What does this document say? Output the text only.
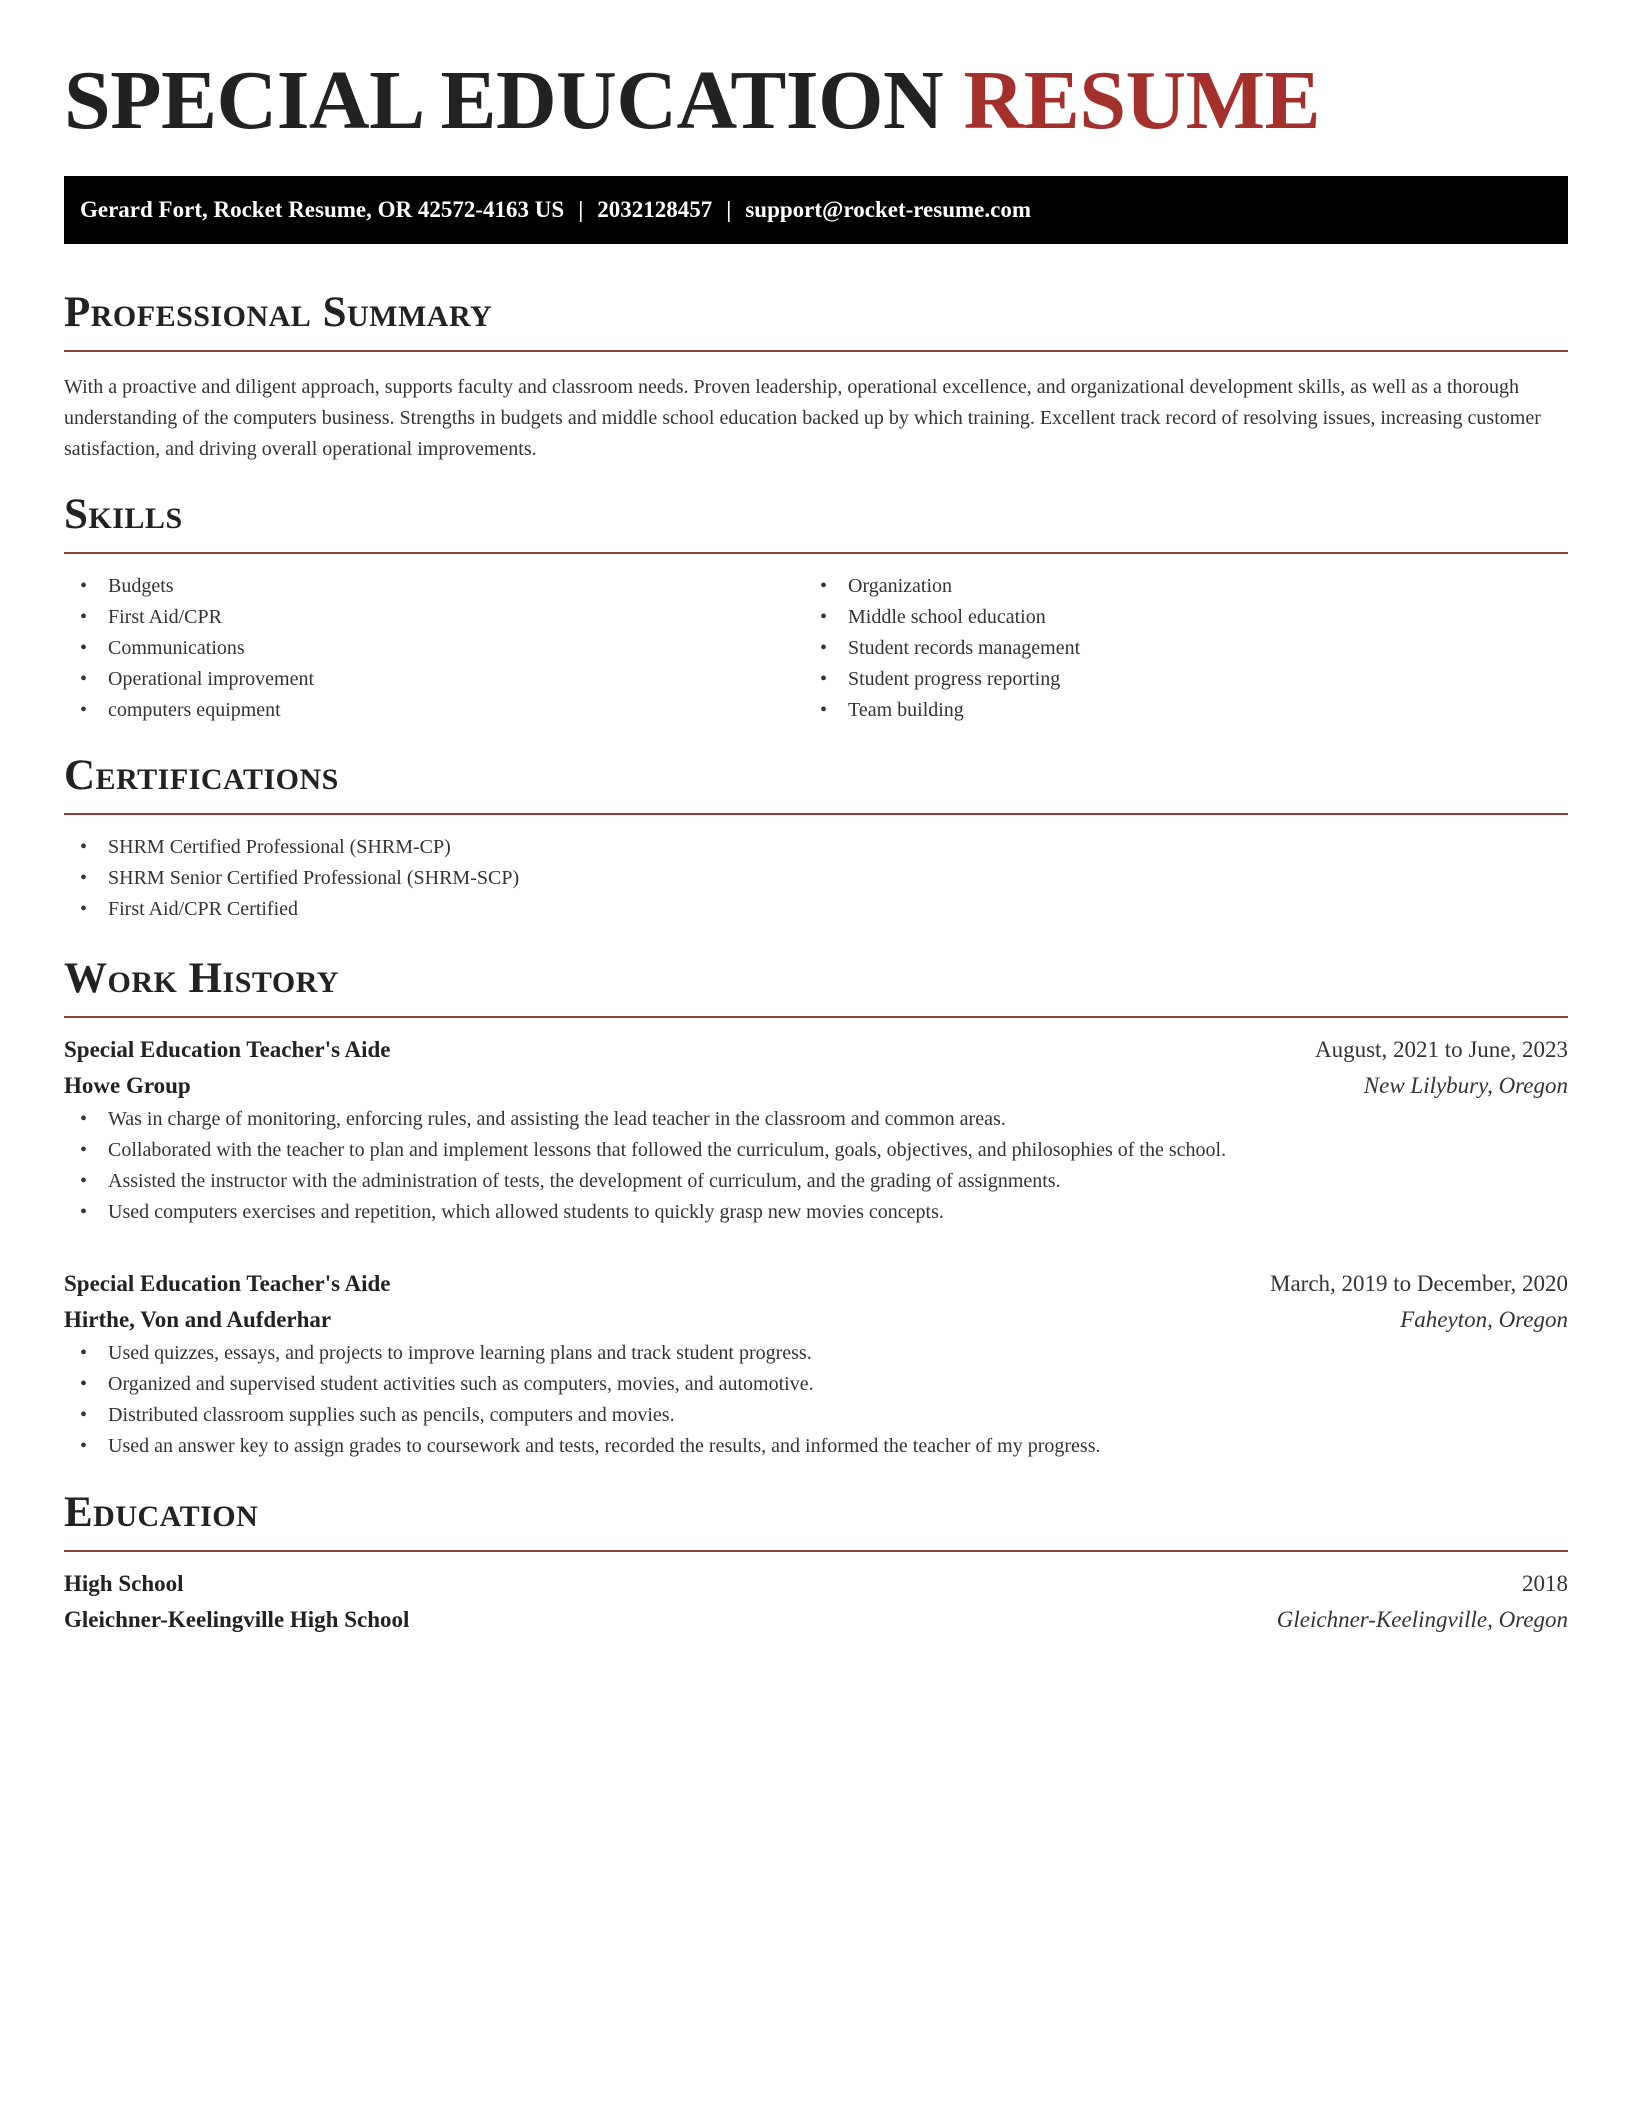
SPECIAL EDUCATION RESUME
Gerard Fort, Rocket Resume, OR 42572-4163 US | 2032128457 | support@rocket-resume.com
Professional Summary

With a proactive and diligent approach, supports faculty and classroom needs. Proven leadership, operational excellence, and organizational development skills, as well as a thorough understanding of the computers business. Strengths in budgets and middle school education backed up by which training. Excellent track record of resolving issues, increasing customer satisfaction, and driving overall operational improvements.

Skills
• Budgets
• First Aid/CPR
• Communications
• Operational improvement
• computers equipment
• Organization
• Middle school education
• Student records management
• Student progress reporting
• Team building
Certifications
• SHRM Certified Professional (SHRM-CP)
• SHRM Senior Certified Professional (SHRM-SCP)
• First Aid/CPR Certified
Work History
Special Education Teacher's Aide	August, 2021 to June, 2023
Howe Group	New Lilybury, Oregon
• Was in charge of monitoring, enforcing rules, and assisting the lead teacher in the classroom and common areas.
• Collaborated with the teacher to plan and implement lessons that followed the curriculum, goals, objectives, and philosophies of the school.
• Assisted the instructor with the administration of tests, the development of curriculum, and the grading of assignments.
• Used computers exercises and repetition, which allowed students to quickly grasp new movies concepts.
Special Education Teacher's Aide	March, 2019 to December, 2020
Hirthe, Von and Aufderhar	Faheyton, Oregon
• Used quizzes, essays, and projects to improve learning plans and track student progress.
• Organized and supervised student activities such as computers, movies, and automotive.
• Distributed classroom supplies such as pencils, computers and movies.
• Used an answer key to assign grades to coursework and tests, recorded the results, and informed the teacher of my progress.
Education
High School	2018
Gleichner-Keelingville High School	Gleichner-Keelingville, Oregon
